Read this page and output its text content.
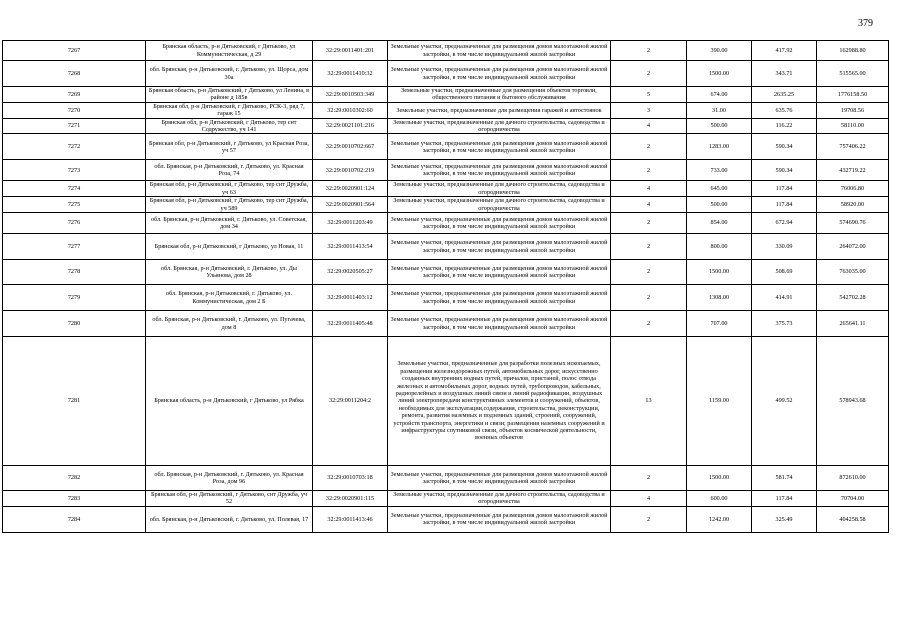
379
7267	Брянская область, р-н Дятьковский, г Дятьково, ул Коммунистическая, д 29	32:29:0011401:201	Земельные участки, предназначенные для размещения домов малоэтажной жилой застройки, в том числе индивидуальной жилой застройки	2	390.00	417.92	162988.80
7268	обл. Брянская, р-н Дятьковский, г. Дятьково, ул. Щорса, дом 30а	32:29:0011410:32	Земельные участки, предназначенные для размещения домов малоэтажной жилой застройки, в том числе индивидуальной жилой застройки	2	1500.00	343.71	515565.00
7269	Брянская область, р-н Дятьковский, г Дятьково, ул Ленина, в районе д 185в	32:29:0010503:349	Земельные участки, предназначенные для размещения объектов торговли, общественного питания и бытового обслуживания	5	674.00	2635.25	1776158.50
7270	Брянская обл, р-н Дятьковский, г Дятьково, РСК-3, ряд 7, гараж 15	32:29:0010302:60	Земельные участки, предназначенные для размещения гаражей и автостоянок	3	31.00	635.76	19708.56
7271	Брянская обл, р-н Дятьковский, г Дятьково, тер снт Содружество, уч 141	32:29:0021101:216	Земельные участки, предназначенные для дачного строительства, садоводства и огородничества	4	500.00	116.22	58110.00
7272	Брянская обл, р-н Дятьковский, г Дятьково, ул Красная Роза, уч 57	32:29:0010702:667	Земельные участки, предназначенные для размещения домов малоэтажной жилой застройки, в том числе индивидуальной жилой застройки	2	1283.00	590.34	757406.22
7273	обл. Брянская, р-н Дятьковский, г. Дятьково, ул. Красная Роза, 74	32:29:0010702:219	Земельные участки, предназначенные для размещения домов малоэтажной жилой застройки, в том числе индивидуальной жилой застройки	2	733.00	590.34	432719.22
7274	Брянская обл, р-н Дятьковский, г Дятьково, тер снт Дружба, уч 63	32:29:0020901:124	Земельные участки, предназначенные для дачного строительства, садоводства и огородничества	4	645.00	117.84	76006.80
7275	Брянская обл, р-н Дятьковский, г Дятьково, тер снт Дружба, уч 589	32:29:0020901:564	Земельные участки, предназначенные для дачного строительства, садоводства и огородничества	4	500.00	117.84	58920.00
7276	обл. Брянская, р-н Дятьковский, г. Дятьково, ул. Советская, дом 34	32:29:0011203:49	Земельные участки, предназначенные для размещения домов малоэтажной жилой застройки, в том числе индивидуальной жилой застройки	2	854.00	672.94	574690.76
7277	Брянская обл, р-н Дятьковский, г Дятьково, ул Новая, 11	32:29:0011413:54	Земельные участки, предназначенные для размещения домов малоэтажной жилой застройки, в том числе индивидуальной жилой застройки	2	800.00	330.09	264072.00
7278	обл. Брянская, р-н Дятьковский, г. Дятьково, ул. Ды Ульянова, дом 28	32:29:0020505:27	Земельные участки, предназначенные для размещения домов малоэтажной жилой застройки, в том числе индивидуальной жилой застройки	2	1500.00	508.69	763035.00
7279	обл. Брянская, р-н Дятьковский, г. Дятьково, ул. Коммунистическая, дом 2 Б	32:29:0011403:12	Земельные участки, предназначенные для размещения домов малоэтажной жилой застройки, в том числе индивидуальной жилой застройки	2	1308.00	414.91	542702.28
7280	обл. Брянская, р-н Дятьковский, г. Дятьково, ул. Пугачева, дом 8	32:29:0011405:48	Земельные участки, предназначенные для размещения домов малоэтажной жилой застройки, в том числе индивидуальной жилой застройки	2	707.00	375.73	265641.11
7281	Брянская область, р-н Дятьковский, г Дятьково, ул Рябка	32:29:0011204:2	Земельные участки, предназначенные для разработки полезных ископаемых, размещения железнодорожных путей, автомобильных дорог, искусственно созданных внутренних водных путей, причалов, пристаней, полос отвода железных и автомобильных дорог, водных путей, трубопроводов, кабельных, радиорелейных и воздушных линий связи и линий радиофикации, воздушных линий электропередачи конструктивных элементов и сооружений, объектов, необходимых для эксплуатации,содержания, строительства, реконструкции, ремонта, развития наземных и подземных зданий, строений, сооружений, устройств транспорта, энергетики и связи; размещения наземных сооружений и инфраструктуры спутниковой связи, объектов космической деятельности, военных объектов	13	1159.00	499.52	578943.68
7282	обл. Брянская, р-н Дятьковский, г. Дятьково, ул. Красная Роза, дом 96	32:29:0010703:18	Земельные участки, предназначенные для размещения домов малоэтажной жилой застройки, в том числе индивидуальной жилой застройки	2	1500.00	581.74	872610.00
7283	Брянская обл, р-н Дятьковский, г Дятьково, снт Дружба, уч 52	32:29:0020901:115	Земельные участки, предназначенные для дачного строительства, садоводства и огородничества	4	600.00	117.84	70704.00
7284	обл. Брянская, р-н Дятьковский, г. Дятьково, ул. Полевая, 17	32:29:0011413:46	Земельные участки, предназначенные для размещения домов малоэтажной жилой застройки, в том числе индивидуальной жилой застройки	2	1242.00	325.49	404258.58
